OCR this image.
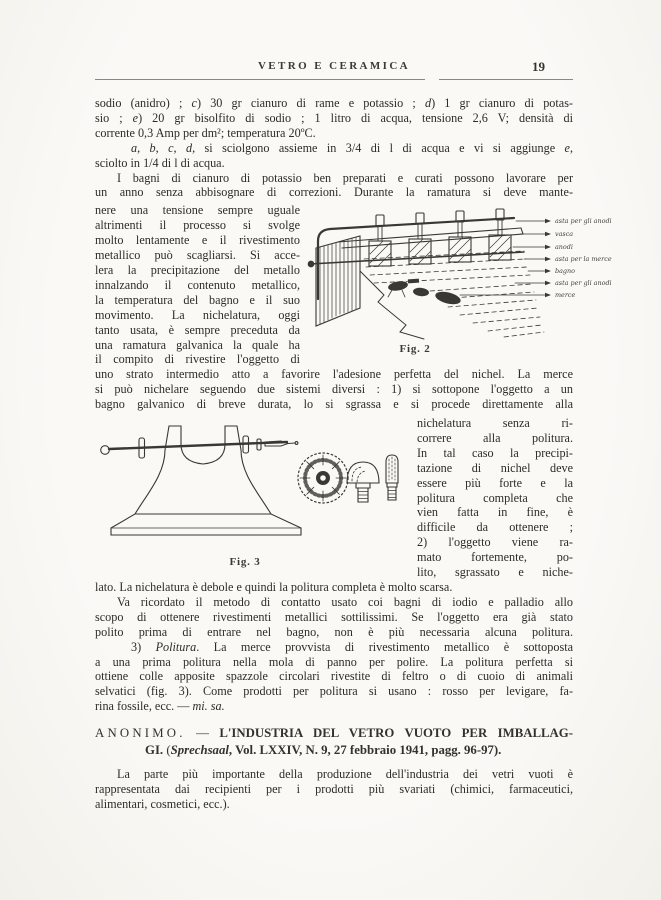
VETRO E CERAMICA	19
sodio (anidro) ; c) 30 gr cianuro di rame e potassio ; d) 1 gr cianuro di potas-
sio ; e) 20 gr bisolfito di sodio ; 1 litro di acqua, tensione 2,6 V; densità di
corrente 0,3 Amp per dm²; temperatura 20ºC.
a, b, c, d, si sciolgono assieme in 3/4 di l di acqua e vi si aggiunge e,
sciolto in 1/4 di l di acqua.
I bagni di cianuro di potassio ben preparati e curati possono lavorare per
un anno senza abbisognare di correzioni. Durante la ramatura si deve mante-
nere una tensione sempre uguale
altrimenti il processo si svolge
molto lentamente e il rivestimento
metallico può scagliarsi. Si acce-
lera la precipitazione del metallo
innalzando il contenuto metallico,
la temperatura del bagno e il suo
movimento. La nichelatura, oggi
tanto usata, è sempre preceduta da
una ramatura galvanica la quale ha
il compito di rivestire l'oggetto di
asta per gli anodi
vasca
anodi
asta per la merce
bagno
asta per gli anodi
merce
Fig. 2
uno strato intermedio atto a favorire l'adesione perfetta del nichel. La merce
si può nichelare seguendo due sistemi diversi : 1) si sottopone l'oggetto a un
bagno galvanico di breve durata, lo si sgrassa e si procede direttamente alla
Fig. 3
nichelatura senza ri-
correre alla politura.
In tal caso la precipi-
tazione di nichel deve
essere più forte e la
politura completa che
vien fatta in fine, è
difficile da ottenere ;
2) l'oggetto viene ra-
mato fortemente, po-
lito, sgrassato e niche-
lato. La nichelatura è debole e quindi la politura completa è molto scarsa.
Va ricordato il metodo di contatto usato coi bagni di iodio e palladio allo
scopo di ottenere rivestimenti metallici sottilissimi. Se l'oggetto era già stato
polito prima di entrare nel bagno, non è più necessaria alcuna politura.
3) Politura. La merce provvista di rivestimento metallico è sottoposta
a una prima politura nella mola di panno per polire. La politura perfetta si
ottiene colle apposite spazzole circolari rivestite di feltro o di cuoio di animali
selvatici (fig. 3). Come prodotti per politura si usano : rosso per levigare, fa-
rina fossile, ecc. — mi. sa.
ANONIMO. — L'INDUSTRIA DEL VETRO VUOTO PER IMBALLAG-
GI. (Sprechsaal, Vol. LXXIV, N. 9, 27 febbraio 1941, pagg. 96-97).
La parte più importante della produzione dell'industria dei vetri vuoti è
rappresentata dai recipienti per i prodotti più svariati (chimici, farmaceutici,
alimentari, cosmetici, ecc.).
